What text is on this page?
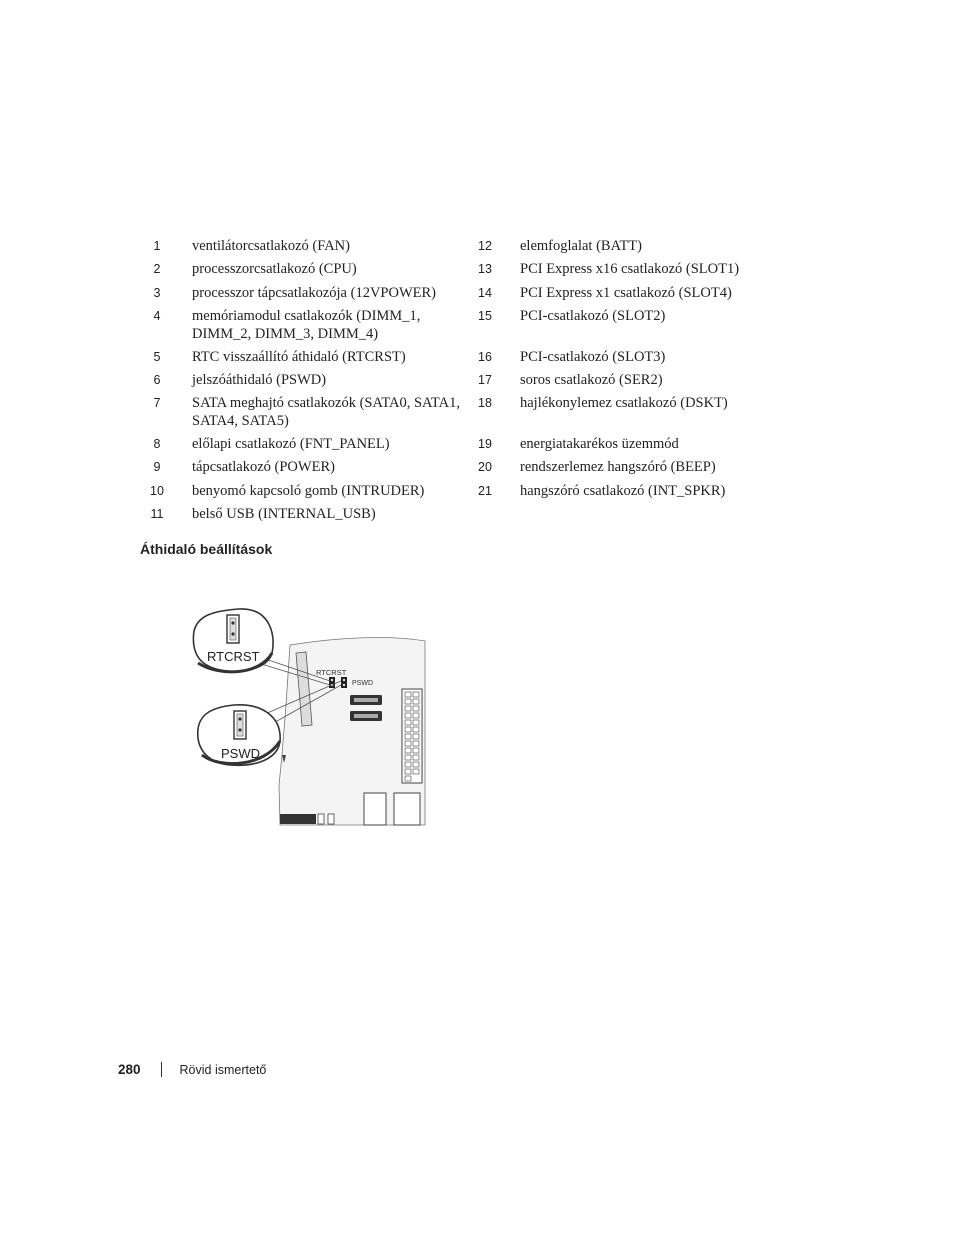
1 ventilátorcsatlakozó (FAN)
2 processzorcsatlakozó (CPU)
3 processzor tápcsatlakozója (12VPOWER)
4 memóriamodul csatlakozók (DIMM_1, DIMM_2, DIMM_3, DIMM_4)
5 RTC visszaállító áthidaló (RTCRST)
6 jelszóáthidaló (PSWD)
7 SATA meghajtó csatlakozók (SATA0, SATA1, SATA4, SATA5)
8 előlapi csatlakozó (FNT_PANEL)
9 tápcsatlakozó (POWER)
10 benyomó kapcsoló gomb (INTRUDER)
11 belső USB (INTERNAL_USB)
12 elemfoglalat (BATT)
13 PCI Express x16 csatlakozó (SLOT1)
14 PCI Express x1 csatlakozó (SLOT4)
15 PCI-csatlakozó (SLOT2)
16 PCI-csatlakozó (SLOT3)
17 soros csatlakozó (SER2)
18 hajlékonylemez csatlakozó (DSKT)
19 energiatakarékos üzemmód
20 rendszerlemez hangszóró (BEEP)
21 hangszóró csatlakozó (INT_SPKR)
Áthidaló beállítások
RTCRST
PSWD
RTCRST
PSWD
280	Rövid ismertető
